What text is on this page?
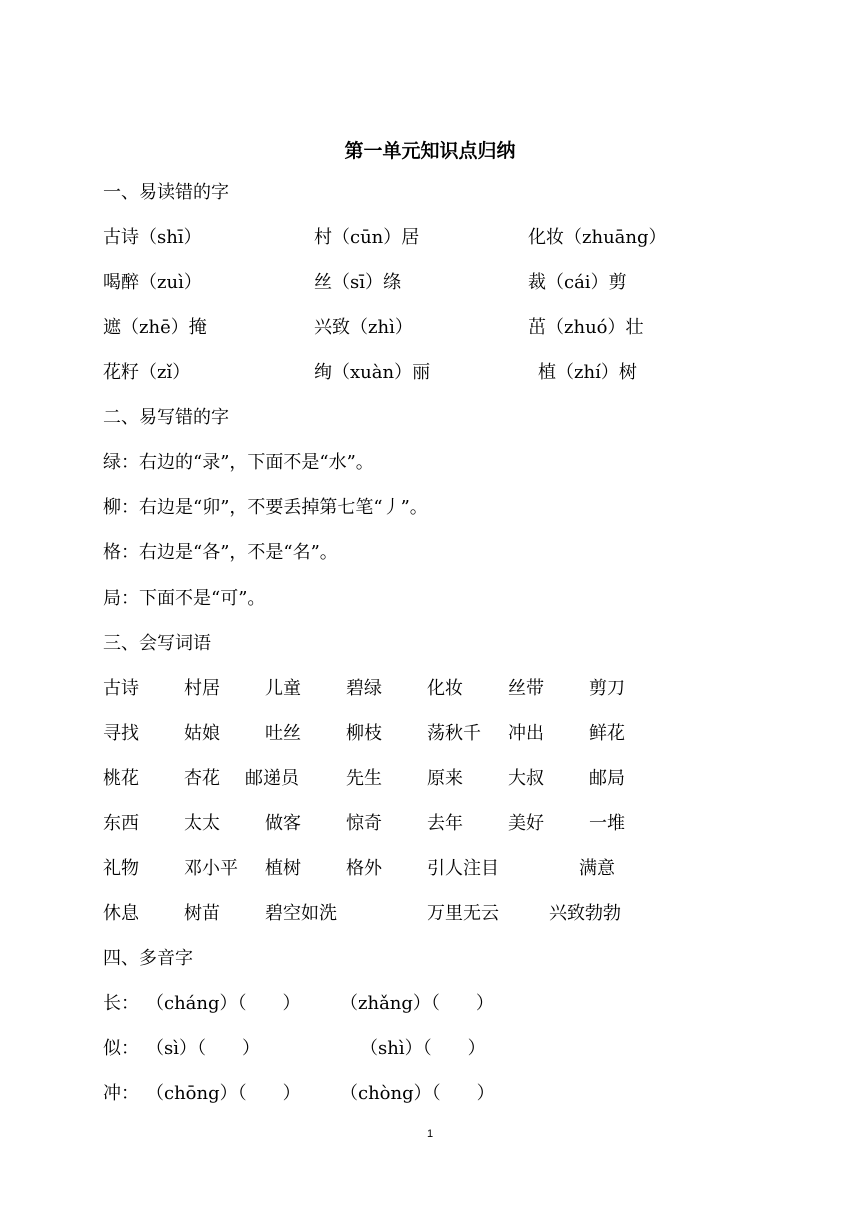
第一单元知识点归纳
一、易读错的字
古诗（shī）	村（cūn）居	化妆（zhuāng）
喝醉（zuì）	丝（sī）绦	裁（cái）剪
遮（zhē）掩	兴致（zhì）	茁（zhuó）壮
花籽（zǐ）	绚（xuàn）丽	植（zhí）树
二、易写错的字
绿：右边的“录”，下面不是“水”。
柳：右边是“卯”，不要丢掉第七笔“丿”。
格：右边是“各”，不是“名”。
局：下面不是“可”。
三、会写词语
古诗	村居	儿童	碧绿	化妆	丝带	剪刀
寻找	姑娘	吐丝	柳枝	荡秋千 冲出	鲜花
桃花	杏花 邮递员	先生	原来	大叔	邮局
东西	太太	做客	惊奇	去年	美好	一堆
礼物	邓小平 植树	格外	引人注目	满意
休息	树苗	碧空如洗	万里无云	兴致勃勃
四、多音字
长： （cháng）（　　） （zhǎng）（　　）
似： （sì）（　　）	（shì）（　　）
冲： （chōng）（　　） （chòng）（　　）
1
